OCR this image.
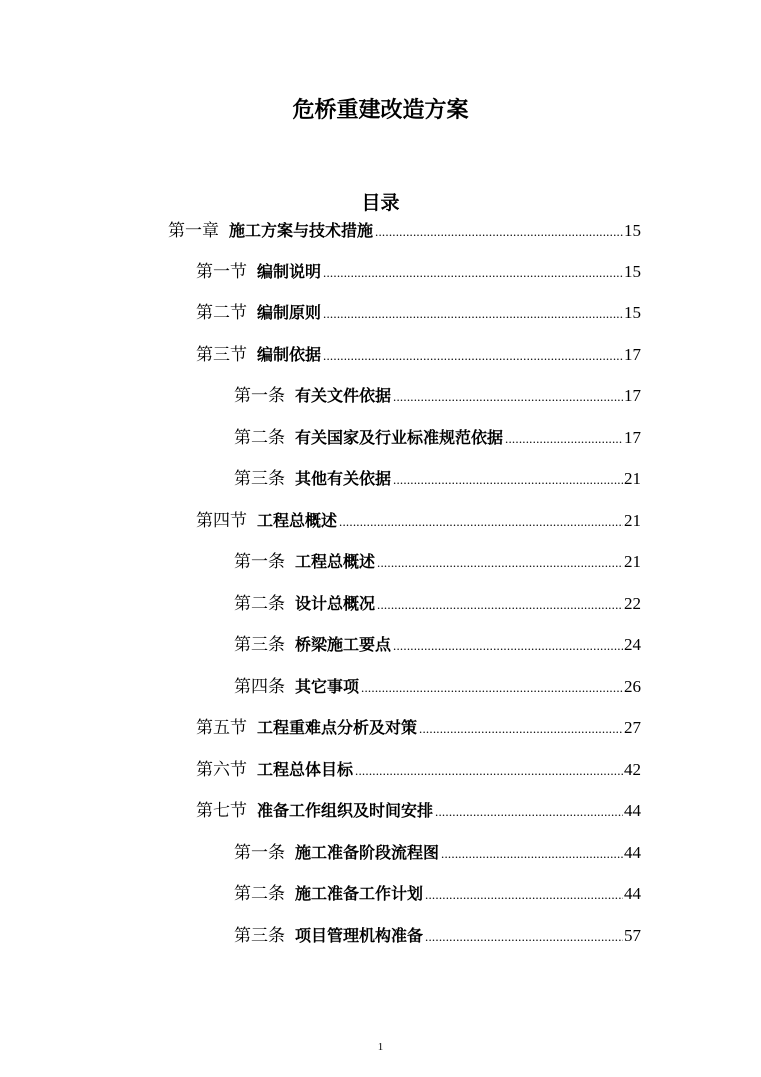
危桥重建改造方案
目录
第一章 施工方案与技术措施 .....	15
第一节 编制说明 .....	15
第二节 编制原则 .....	15
第三节 编制依据 .....	17
第一条 有关文件依据 .....	17
第二条 有关国家及行业标准规范依据 .....	17
第三条 其他有关依据 .....	21
第四节 工程总概述 .....	21
第一条 工程总概述 .....	21
第二条 设计总概况 .....	22
第三条 桥梁施工要点 .....	24
第四条 其它事项 .....	26
第五节 工程重难点分析及对策 .....	27
第六节 工程总体目标 .....	42
第七节 准备工作组织及时间安排 .....	44
第一条 施工准备阶段流程图 .....	44
第二条 施工准备工作计划 .....	44
第三条 项目管理机构准备 .....	57
1
